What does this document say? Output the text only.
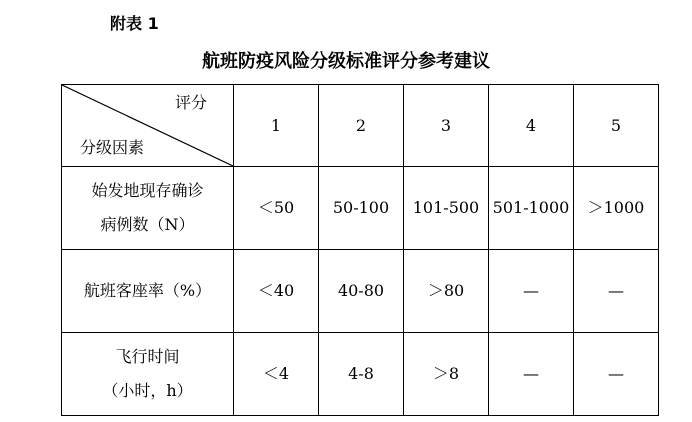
附表 1
航班防疫风险分级标准评分参考建议
评分
分级因素	1	2	3	4	5

始发地现存确诊
病例数（N）	＜50	50-100	101-500	501-1000	＞1000

航班客座率（%）	＜40	40-80	＞80	—	—

飞行时间
（小时，h）	＜4	4-8	＞8	—	—
